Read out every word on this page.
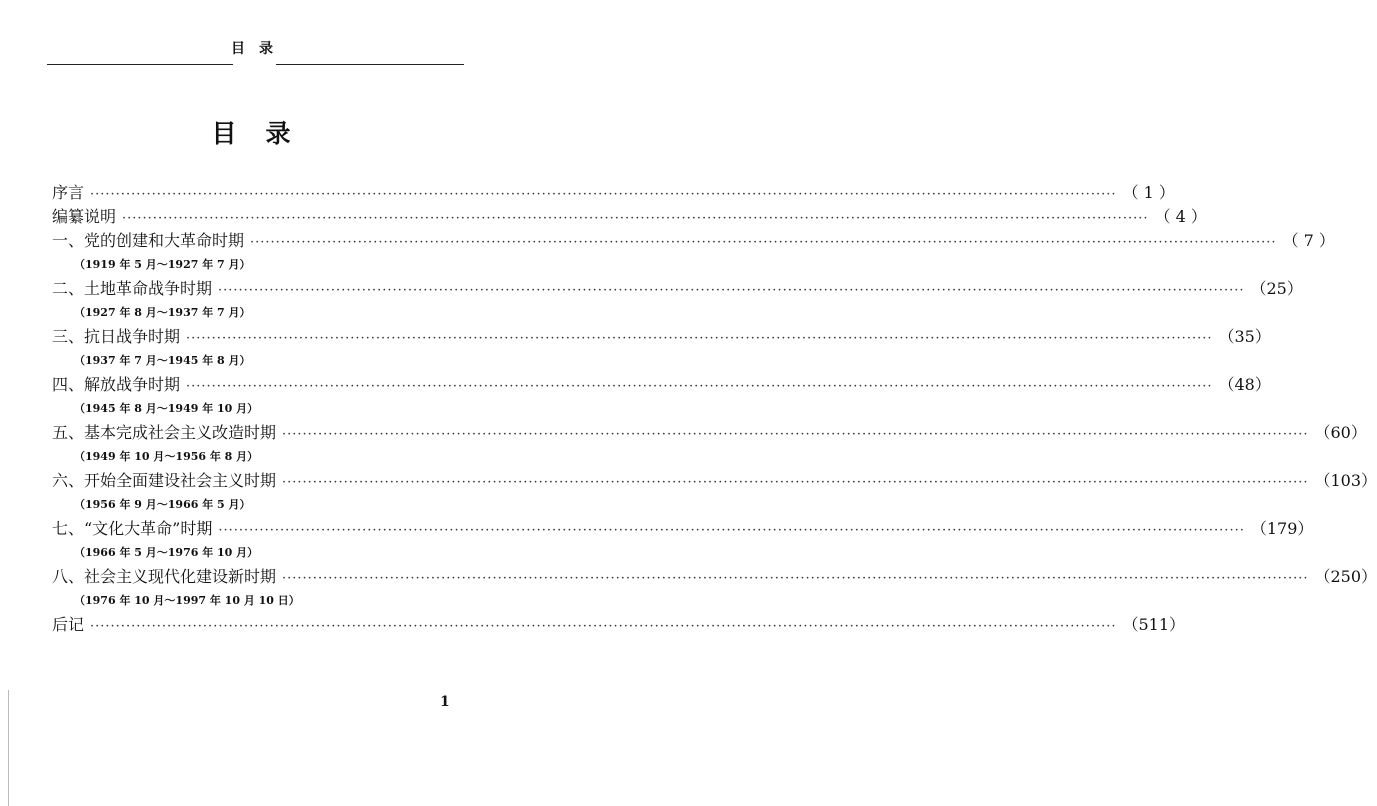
目　录
目　录
序言 ········································································································································································································ （ 1 ）
编纂说明 ········································································································································································································ （ 4 ）
一、党的创建和大革命时期 ········································································································································································································ （ 7 ）
（1919 年 5 月～1927 年 7 月）
二、土地革命战争时期 ········································································································································································································ （25）
（1927 年 8 月～1937 年 7 月）
三、抗日战争时期 ········································································································································································································ （35）
（1937 年 7 月～1945 年 8 月）
四、解放战争时期 ········································································································································································································ （48）
（1945 年 8 月～1949 年 10 月）
五、基本完成社会主义改造时期 ········································································································································································································ （60）
（1949 年 10 月～1956 年 8 月）
六、开始全面建设社会主义时期 ········································································································································································································ （103）
（1956 年 9 月～1966 年 5 月）
七、“文化大革命”时期 ········································································································································································································ （179）
（1966 年 5 月～1976 年 10 月）
八、社会主义现代化建设新时期 ········································································································································································································ （250）
（1976 年 10 月～1997 年 10 月 10 日）
后记 ········································································································································································································ （511）
1
